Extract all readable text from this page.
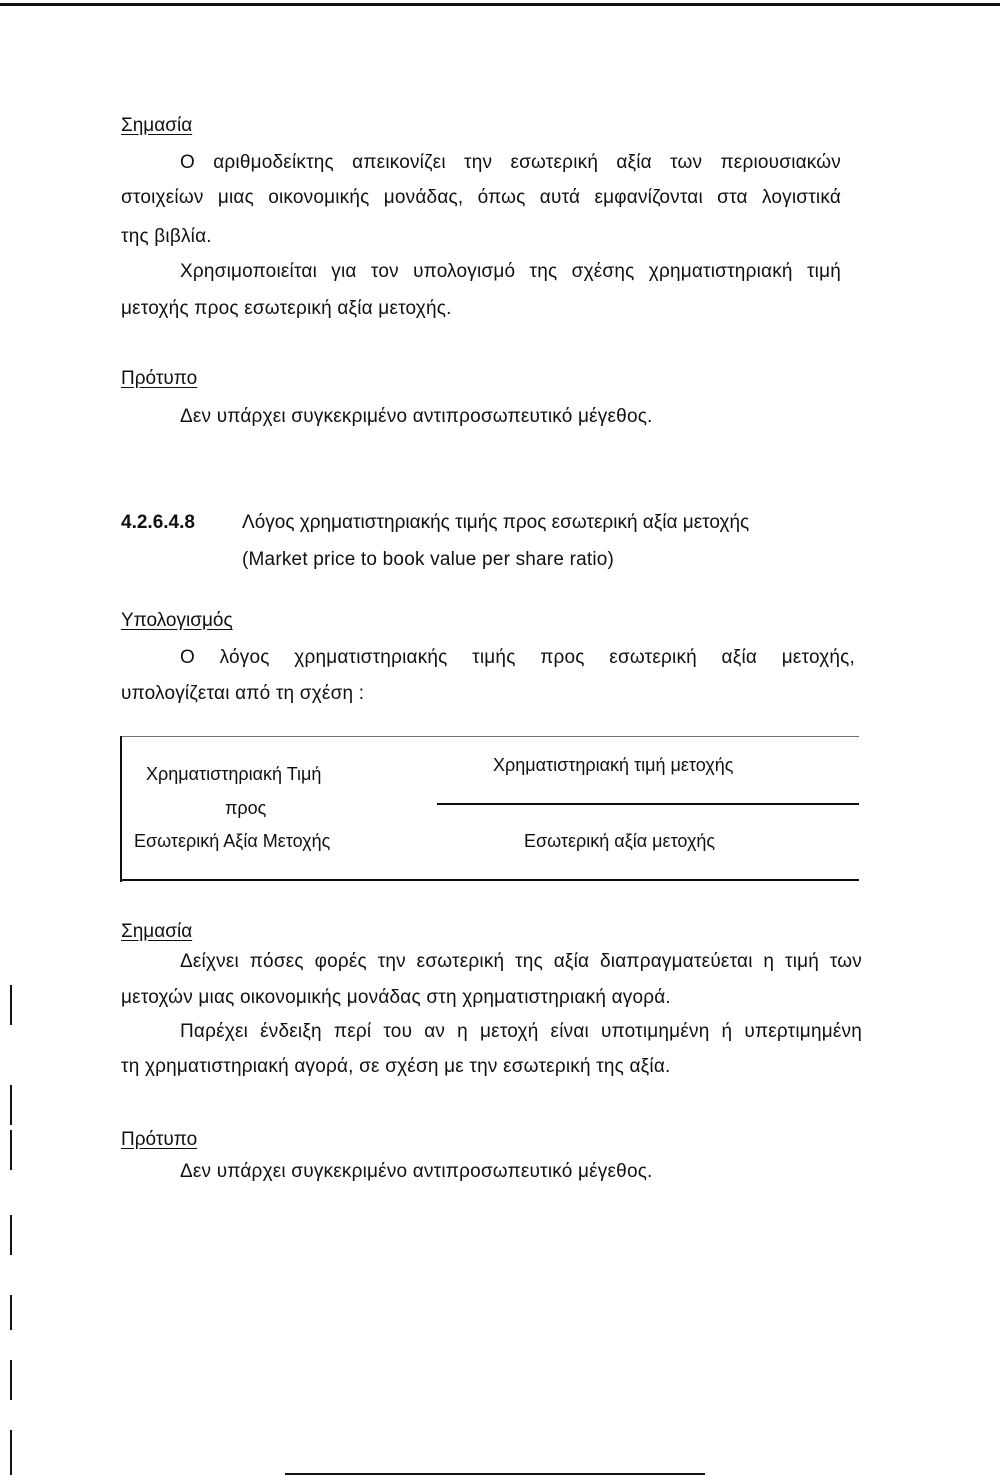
Σημασία
Ο αριθμοδείκτης απεικονίζει την εσωτερική αξία των περιουσιακών
στοιχείων μιας οικονομικής μονάδας, όπως αυτά εμφανίζονται στα λογιστικά
της βιβλία.
Χρησιμοποιείται για τον υπολογισμό της σχέσης χρηματιστηριακή τιμή
μετοχής προς εσωτερική αξία μετοχής.
Πρότυπο
Δεν υπάρχει συγκεκριμένο αντιπροσωπευτικό μέγεθος.
4.2.6.4.8 Λόγος χρηματιστηριακής τιμής προς εσωτερική αξία μετοχής
(Market price to book value per share ratio)
Υπολογισμός
Ο λόγος χρηματιστηριακής τιμής προς εσωτερική αξία μετοχής,
υπολογίζεται από τη σχέση :
Χρηματιστηριακή Τιμή
προς
Εσωτερική Αξία Μετοχής
Χρηματιστηριακή τιμή μετοχής
Εσωτερική αξία μετοχής
Σημασία
Δείχνει πόσες φορές την εσωτερική της αξία διαπραγματεύεται η τιμή των
μετοχών μιας οικονομικής μονάδας στη χρηματιστηριακή αγορά.
Παρέχει ένδειξη περί του αν η μετοχή είναι υποτιμημένη ή υπερτιμημένη
τη χρηματιστηριακή αγορά, σε σχέση με την εσωτερική της αξία.
Πρότυπο
Δεν υπάρχει συγκεκριμένο αντιπροσωπευτικό μέγεθος.
